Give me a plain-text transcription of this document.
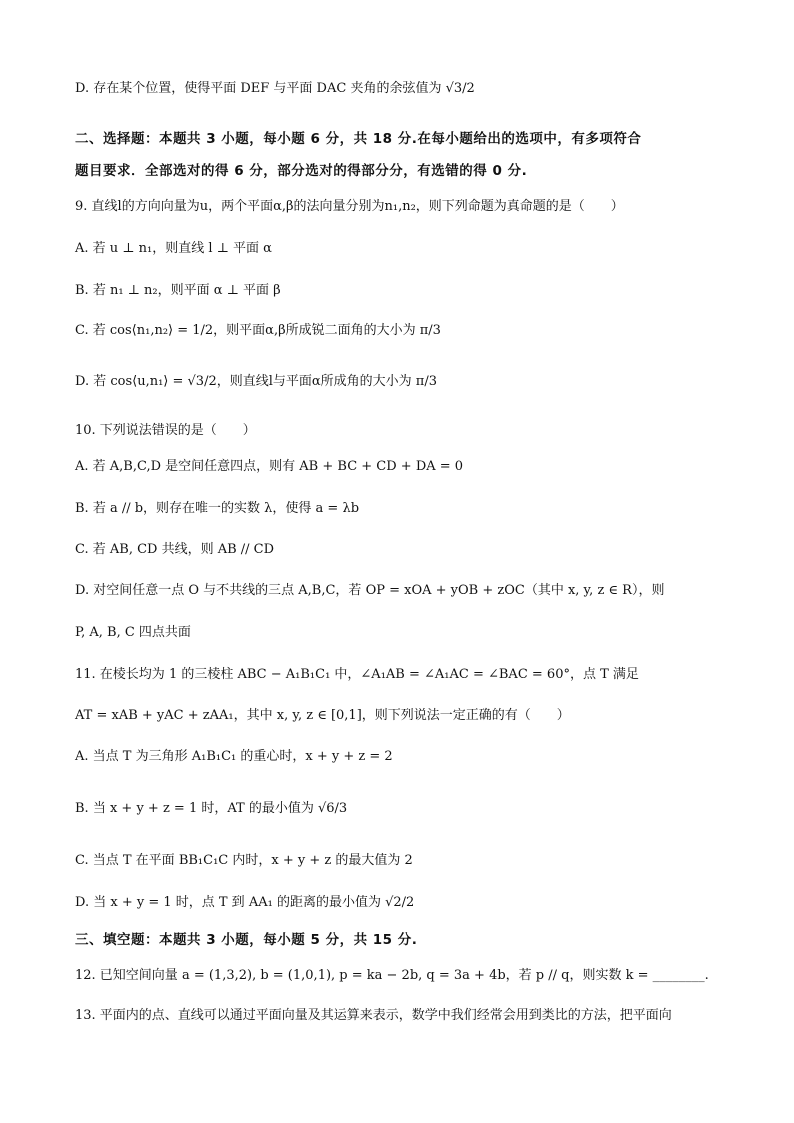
D. 存在某个位置，使得平面 DEF 与平面 DAC 夹角的余弦值为 √3/2
二、选择题：本题共 3 小题，每小题 6 分，共 18 分.在每小题给出的选项中，有多项符合
题目要求．全部选对的得 6 分，部分选对的得部分分，有选错的得 0 分.
9. 直线l的方向向量为u，两个平面α,β的法向量分别为n₁,n₂，则下列命题为真命题的是（　　）
A. 若 u ⊥ n₁，则直线 l ⊥ 平面 α
B. 若 n₁ ⊥ n₂，则平面 α ⊥ 平面 β
C. 若 cos⟨n₁,n₂⟩ = 1/2，则平面α,β所成锐二面角的大小为 π/3
D. 若 cos⟨u,n₁⟩ = √3/2，则直线l与平面α所成角的大小为 π/3
10. 下列说法错误的是（　　）
A. 若 A,B,C,D 是空间任意四点，则有 AB + BC + CD + DA = 0
B. 若 a // b，则存在唯一的实数 λ，使得 a = λb
C. 若 AB, CD 共线，则 AB // CD
D. 对空间任意一点 O 与不共线的三点 A,B,C，若 OP = xOA + yOB + zOC（其中 x, y, z ∈ R），则
P, A, B, C 四点共面
11. 在棱长均为 1 的三棱柱 ABC − A₁B₁C₁ 中，∠A₁AB = ∠A₁AC = ∠BAC = 60°，点 T 满足
AT = xAB + yAC + zAA₁，其中 x, y, z ∈ [0,1]，则下列说法一定正确的有（　　）
A. 当点 T 为三角形 A₁B₁C₁ 的重心时，x + y + z = 2
B. 当 x + y + z = 1 时，AT 的最小值为 √6/3
C. 当点 T 在平面 BB₁C₁C 内时，x + y + z 的最大值为 2
D. 当 x + y = 1 时，点 T 到 AA₁ 的距离的最小值为 √2/2
三、填空题：本题共 3 小题，每小题 5 分，共 15 分.
12. 已知空间向量 a = (1,3,2), b = (1,0,1), p = ka − 2b, q = 3a + 4b，若 p // q，则实数 k = ________.
13. 平面内的点、直线可以通过平面向量及其运算来表示，数学中我们经常会用到类比的方法，把平面向
